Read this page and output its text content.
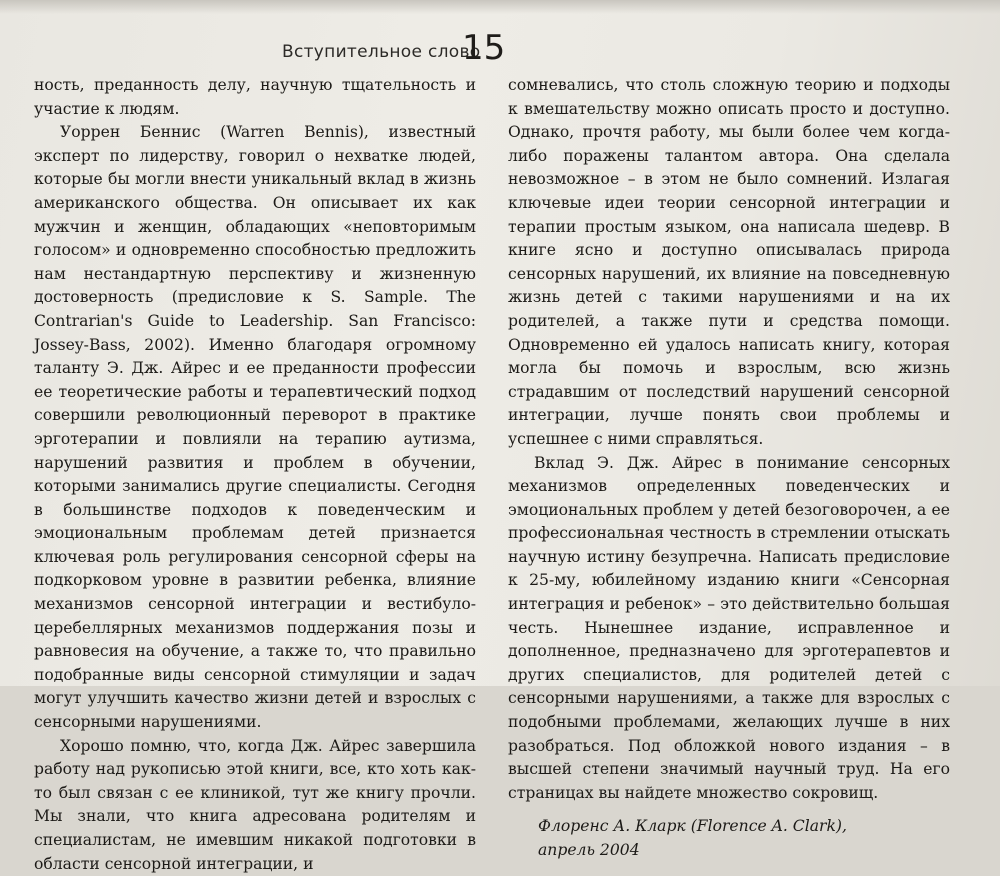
Вступительное слово
15

ность, преданность делу, научную тщательность и участие к людям.

Уоррен Беннис (Warren Bennis), известный эксперт по лидерству, говорил о нехватке людей, которые бы могли внести уникальный вклад в жизнь американского общества. Он описывает их как мужчин и женщин, обладающих «неповторимым голосом» и одновременно способностью предложить нам нестандартную перспективу и жизненную достоверность (предисловие к S. Sample. The Contrarian's Guide to Leadership. San Francisco: Jossey-Bass, 2002). Именно благодаря огромному таланту Э. Дж. Айрес и ее преданности профессии ее теоретические работы и терапевтический подход совершили революционный переворот в практике эрготерапии и повлияли на терапию аутизма, нарушений развития и проблем в обучении, которыми занимались другие специалисты. Сегодня в большинстве подходов к поведенческим и эмоциональным проблемам детей признается ключевая роль регулирования сенсорной сферы на подкорковом уровне в развитии ребенка, влияние механизмов сенсорной интеграции и вестибуло-церебеллярных механизмов поддержания позы и равновесия на обучение, а также то, что правильно подобранные виды сенсорной стимуляции и задач могут улучшить качество жизни детей и взрослых с сенсорными нарушениями.

Хорошо помню, что, когда Дж. Айрес завершила работу над рукописью этой книги, все, кто хоть как-то был связан с ее клиникой, тут же книгу прочли. Мы знали, что книга адресована родителям и специалистам, не имевшим никакой подготовки в области сенсорной интеграции, и

сомневались, что столь сложную теорию и подходы к вмешательству можно описать просто и доступно. Однако, прочтя работу, мы были более чем когда-либо поражены талантом автора. Она сделала невозможное – в этом не было сомнений. Излагая ключевые идеи теории сенсорной интеграции и терапии простым языком, она написала шедевр. В книге ясно и доступно описывалась природа сенсорных нарушений, их влияние на повседневную жизнь детей с такими нарушениями и на их родителей, а также пути и средства помощи. Одновременно ей удалось написать книгу, которая могла бы помочь и взрослым, всю жизнь страдавшим от последствий нарушений сенсорной интеграции, лучше понять свои проблемы и успешнее с ними справляться.

Вклад Э. Дж. Айрес в понимание сенсорных механизмов определенных поведенческих и эмоциональных проблем у детей безоговорочен, а ее профессиональная честность в стремлении отыскать научную истину безупречна. Написать предисловие к 25-му, юбилейному изданию книги «Сенсорная интеграция и ребенок» – это действительно большая честь. Нынешнее издание, исправленное и дополненное, предназначено для эрготерапевтов и других специалистов, для родителей детей с сенсорными нарушениями, а также для взрослых с подобными проблемами, желающих лучше в них разобраться. Под обложкой нового издания – в высшей степени значимый научный труд. На его страницах вы найдете множество сокровищ.

Флоренс А. Кларк (Florence A. Clark),
апрель 2004
